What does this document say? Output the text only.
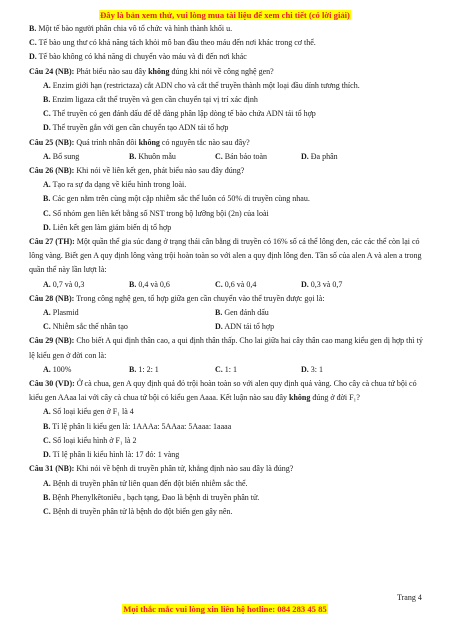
Đây là bản xem thử, vui lòng mua tài liệu để xem chi tiết (có lời giải)
B. Một tế bào người phân chia vô tổ chức và hình thành khối u.
C. Tế bào ung thư có khả năng tách khỏi mô ban đầu theo máu đến nơi khác trong cơ thể.
D. Tế bào không có khả năng di chuyển vào máu và đi đến nơi khác
Câu 24 (NB): Phát biểu nào sau đây không đúng khi nói về công nghệ gen?
A. Enzim giới hạn (restrictaza) cắt ADN cho và cắt thể truyền thành một loại đầu dính tương thích.
B. Enzim ligaza cắt thể truyền và gen cần chuyển tại vị trí xác định
C. Thể truyền có gen đánh dấu để dễ dàng phân lập dòng tế bào chứa ADN tái tổ hợp
D. Thể truyền gắn với gen cần chuyển tạo ADN tái tổ hợp
Câu 25 (NB): Quá trình nhân đôi không có nguyên tắc nào sau đây?
A. Bổ sung	B. Khuôn mẫu	C. Bán bảo toàn	D. Đa phân
Câu 26 (NB): Khi nói về liên kết gen, phát biểu nào sau đây đúng?
A. Tạo ra sự đa dạng về kiểu hình trong loài.
B. Các gen nằm trên cùng một cặp nhiễm sắc thể luôn có 50% di truyền cùng nhau.
C. Số nhóm gen liên kết bằng số NST trong bộ lưỡng bội (2n) của loài
D. Liên kết gen làm giảm biến dị tổ hợp
Câu 27 (TH): Một quần thể gia súc đang ở trạng thái cân bằng di truyền có 16% số cá thể lông đen, các các thể còn lại có lông vàng. Biết gen A quy định lông vàng trội hoàn toàn so với alen a quy định lông đen. Tần số của alen A và alen a trong quần thể này lần lượt là:
A. 0,7 và 0,3	B. 0,4 và 0,6	C. 0,6 và 0,4	D. 0,3 và 0,7
Câu 28 (NB): Trong công nghệ gen, tổ hợp giữa gen cần chuyển vào thể truyền được gọi là:
A. Plasmid	B. Gen đánh dấu
C. Nhiễm sắc thể nhân tạo	D. ADN tái tổ hợp
Câu 29 (NB): Cho biết A qui định thân cao, a qui định thân thấp. Cho lai giữa hai cây thân cao mang kiểu gen dị hợp thì tỷ lệ kiểu gen ở đời con là:
A. 100%	B. 1: 2: 1	C. 1: 1	D. 3: 1
Câu 30 (VD): Ở cà chua, gen A quy định quả đỏ trội hoàn toàn so với alen quy định quả vàng. Cho cây cà chua tứ bội có kiểu gen AAaa lai với cây cà chua tứ bội có kiểu gen Aaaa. Kết luận nào sau đây không đúng ở đời F₁?
A. Số loại kiểu gen ở F₁ là 4
B. Tỉ lệ phân li kiểu gen là: 1AAAa: 5AAaa: 5Aaaa: 1aaaa
C. Số loại kiểu hình ở F₁ là 2
D. Tỉ lệ phân li kiểu hình là: 17 đỏ: 1 vàng
Câu 31 (NB): Khi nói về bệnh di truyền phân tử, khẳng định nào sau đây là đúng?
A. Bệnh di truyền phân tử liên quan đến đột biến nhiễm sắc thể.
B. Bệnh Phenylkêtoniêu , bạch tạng, Đao là bệnh di truyền phân tử.
C. Bệnh di truyền phân tử là bệnh do đột biến gen gây nên.
Trang 4
Mọi thắc mắc vui lòng xin liên hệ hotline: 084 283 45 85
